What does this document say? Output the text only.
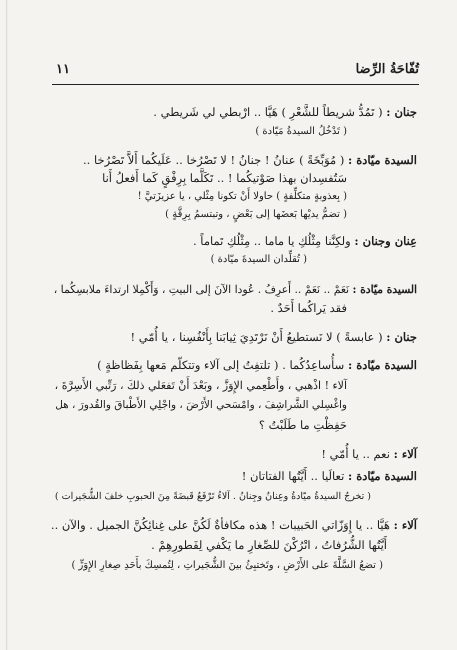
تُفّاحَةُ الرِّضا
١١
جنان : ( تَمُدُّ شريطاً للشَّعْرِ ) هَيَّا .. ارْبطي لي شَريطي .
( تَدْخُلُ السيدةُ مَيّادة )
السيدة ميّادة : ( مُوَبِّخَةً ) عنانُ ! جنانُ ! لا تَصْرُخا .. عَلَيكُما أَلاَّ تَصْرُخا ..
سَتُفسِدان بهذا صَوْتيكُما ! .. تَكَلَّما بِرِفْقٍ كَما أَفعلُ أَنا
( بِعذوبةٍ متكلِّفةٍ ) حاولا أَنْ تكونا مِثْلي ، يا عزيزَتيَّ !
( تضمُّ يديْها بَعضَها إلى بَعْضٍ ، وتبتسمُ بِرِقَّةٍ )
عِنان وجنان : ولكِنَّنا مِثْلُكِ يا ماما .. مِثْلُكِ تَماماً .
( تُقلِّدان السيدةَ ميّادة )
السيدة ميّادة : نَعَمْ .. نَعَمْ .. أَعرِفُ . عُودا الآنَ إلى البيتِ ، وَأَكْمِلا ارتداءَ ملابسِكُما ،
فقد يَراكُما أَحَدٌ .
جنان : ( عابسةً ) لا نَستطيعُ أَنْ نَرْتَدِيَ ثِيابَنا بِأَنْفُسِنا ، يا أُمّي !
السيدة ميّادة : سأُساعِدُكُما . ( تلتفِتُ إلى آلاء وتتكلّم مَعها بِفَظاظةٍ )
آلاء ! اذْهبي ، وأَطْعِمي الإِوَزَّ ، وبَعْدَ أَنْ تَفعَلي ذلكَ ، رَتِّبي الأَسِرَّةَ ،
واغْسِلي الشَّراشِفَ ، وامْسَحي الأَرْضَ ، واجْلِي الأَطْباقَ والقُدورَ ، هل
حَفِظْتِ ما طَلَبْتُ ؟
آلاء : نعم .. يا أُمّي !
السيدة ميّادة : تعالَيا .. أَيَّتُها الفتاتان !
( تخرجُ السيدةُ ميّادةُ وعِنانُ وجِنانُ . آلاءُ تَرْفَعُ قَبضَةً مِنَ الحبوبِ خلفَ الشُّجَيرات )
آلاء : هَيَّا .. يا إِوَزّاتي الحَبيبات ! هذه مكافأةٌ لَكُنَّ على غِنائِكُنَّ الجميل . والآن ..
أَيَّتُها الشُّرُفاتُ ، اتْرُكْنَ للصِّغارِ ما يَكْفي لِفَطورِهِمْ .
( تضعُ السَّلَّةَ على الأَرْضِ ، وتَختبِئُ بينَ الشُّجَيراتِ ، لِتُمسِكَ بأَحَدِ صِغارِ الإِوَزِّ )
